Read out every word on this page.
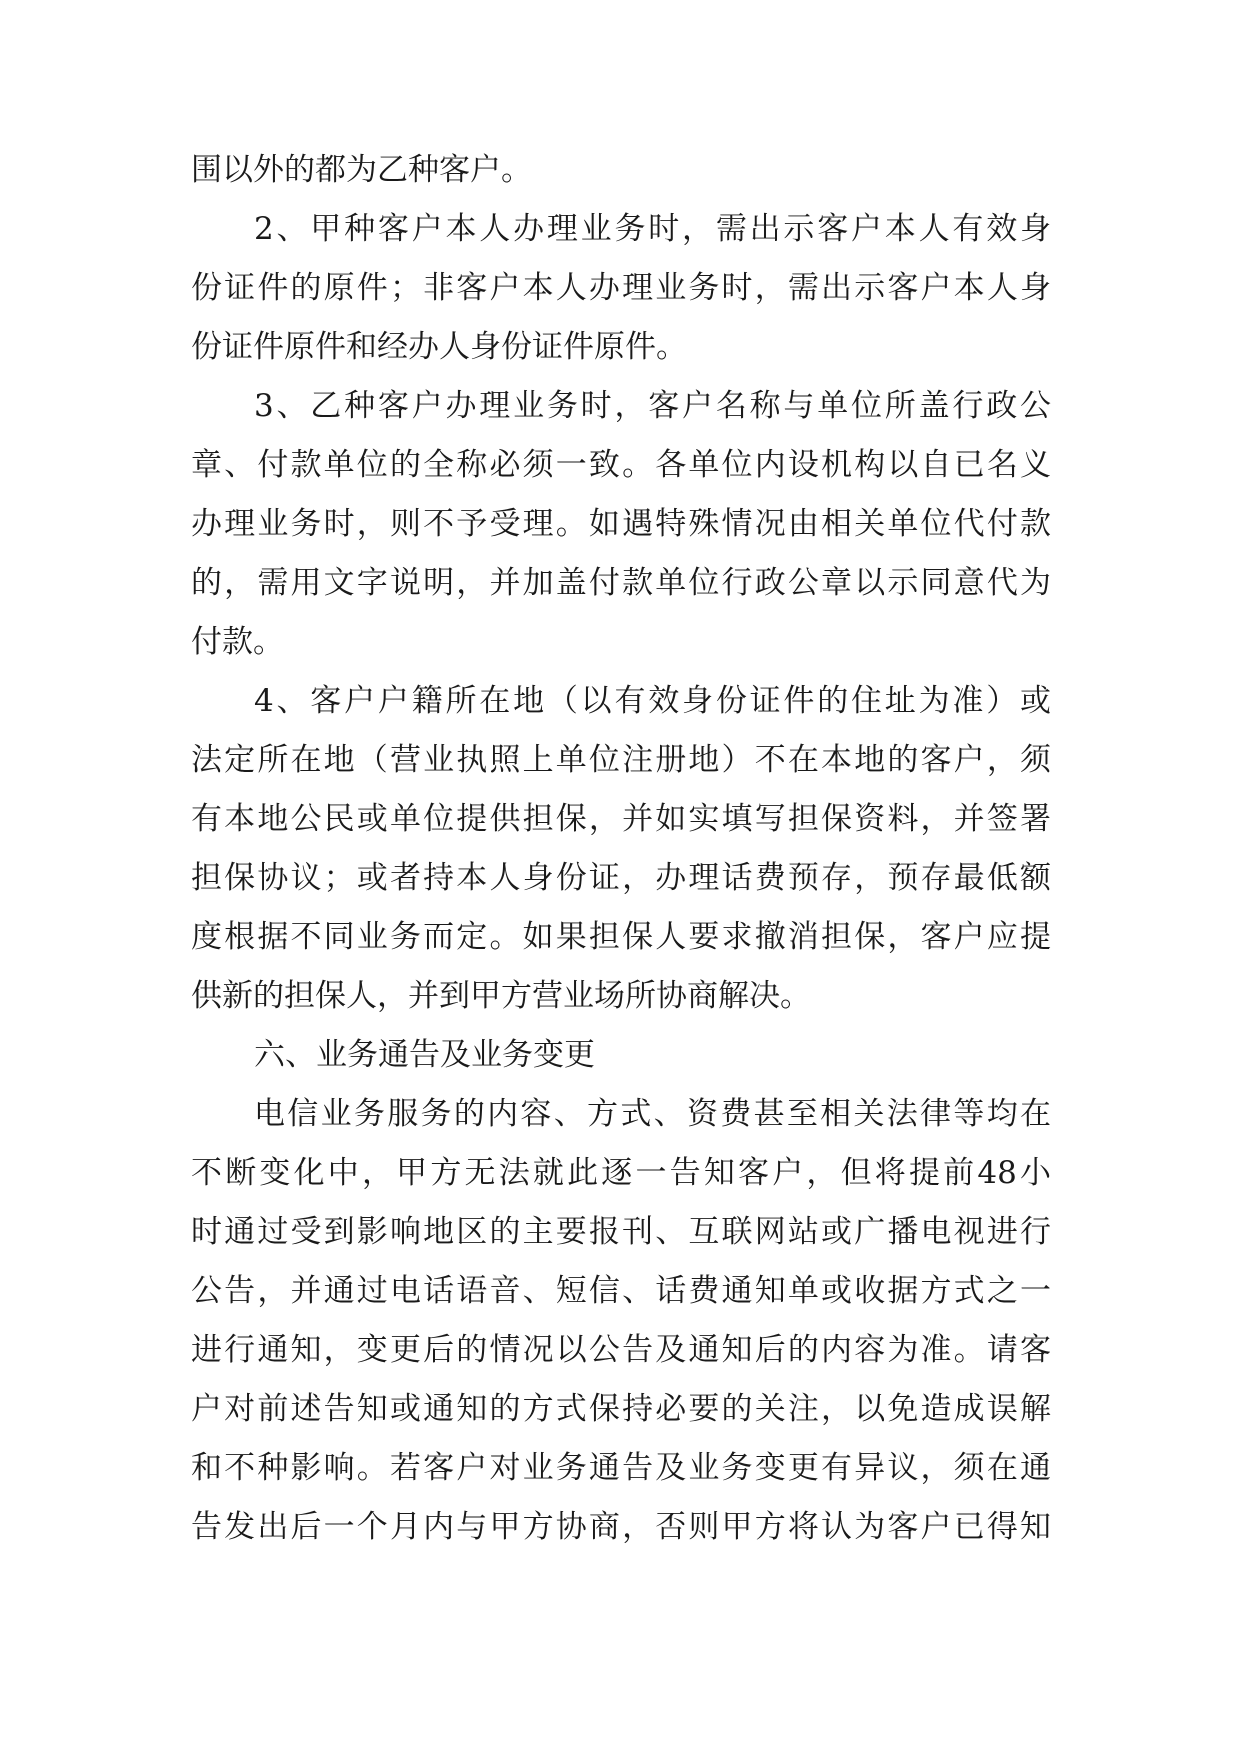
围以外的都为乙种客户。
2、甲种客户本人办理业务时，需出示客户本人有效身
份证件的原件；非客户本人办理业务时，需出示客户本人身
份证件原件和经办人身份证件原件。
3、乙种客户办理业务时，客户名称与单位所盖行政公
章、付款单位的全称必须一致。各单位内设机构以自已名义
办理业务时，则不予受理。如遇特殊情况由相关单位代付款
的，需用文字说明，并加盖付款单位行政公章以示同意代为
付款。
4、客户户籍所在地（以有效身份证件的住址为准）或
法定所在地（营业执照上单位注册地）不在本地的客户，须
有本地公民或单位提供担保，并如实填写担保资料，并签署
担保协议；或者持本人身份证，办理话费预存，预存最低额
度根据不同业务而定。如果担保人要求撤消担保，客户应提
供新的担保人，并到甲方营业场所协商解决。
六、业务通告及业务变更
电信业务服务的内容、方式、资费甚至相关法律等均在
不断变化中，甲方无法就此逐一告知客户，但将提前48小
时通过受到影响地区的主要报刊、互联网站或广播电视进行
公告，并通过电话语音、短信、话费通知单或收据方式之一
进行通知，变更后的情况以公告及通知后的内容为准。请客
户对前述告知或通知的方式保持必要的关注，以免造成误解
和不种影响。若客户对业务通告及业务变更有异议，须在通
告发出后一个月内与甲方协商，否则甲方将认为客户已得知
